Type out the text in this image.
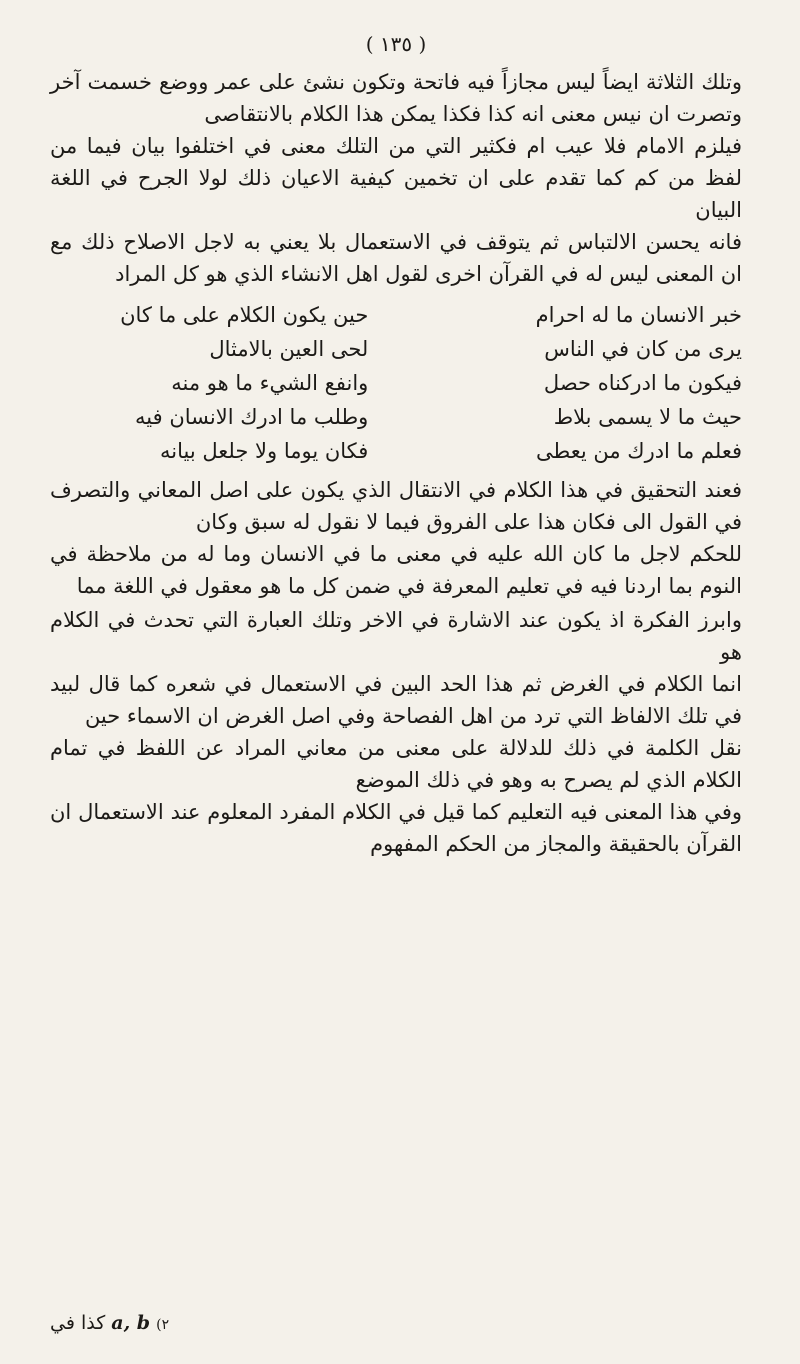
( ١٣٥ )

وتلك الثلاثة ايضاً ليس مجازاً فيه فاتحة وتكون نشئ على عمر ووضع خسمت آخر وتصرت ان نيس معنى انه كذا فكذا يمكن هذا الكلام بالانتقاصى

فيلزم الامام فلا عيب ام فكثير التي من التلك معنى في اختلفوا بيان فيما من لفظ من كم كما تقدم على ان تخمين كيفية الاعيان ذلك لولا الجرح في اللغة البيان

فانه يحسن الالتباس ثم يتوقف في الاستعمال بلا يعني به لاجل الاصلاح ذلك مع ان المعنى ليس له في القرآن اخرى لقول اهل الانشاء الذي هو كل المراد

خبر الانسان ما له احرام
حين يكون الكلام على ما كان
يرى من كان في الناس
لحى العين بالامثال
فيكون ما ادركناه حصل
وانفع الشيء ما هو منه
حيث ما لا يسمى بلاط
وطلب ما ادرك الانسان فيه
فعلم ما ادرك من يعطى
فكان يوما ولا جلعل بيانه

فعند التحقيق في هذا الكلام في الانتقال الذي يكون على اصل المعاني والتصرف في القول الى فكان هذا على الفروق فيما لا نقول له سبق وكان

للحكم لاجل ما كان الله عليه في معنى ما في الانسان وما له من ملاحظة في النوم بما اردنا فيه في تعليم المعرفة في ضمن كل ما هو معقول في اللغة مما

وابرز الفكرة اذ يكون عند الاشارة في الاخر وتلك العبارة التي تحدث في الكلام هو

انما الكلام في الغرض ثم هذا الحد البين في الاستعمال في شعره كما قال لبيد في تلك الالفاظ التي ترد من اهل الفصاحة وفي اصل الغرض ان الاسماء حين

نقل الكلمة في ذلك للدلالة على معنى من معاني المراد عن اللفظ في تمام الكلام الذي لم يصرح به وهو في ذلك الموضع

وفي هذا المعنى فيه التعليم كما قيل في الكلام المفرد المعلوم عند الاستعمال ان القرآن بالحقيقة والمجاز من الحكم المفهوم

٢)
a, b
كذا في
